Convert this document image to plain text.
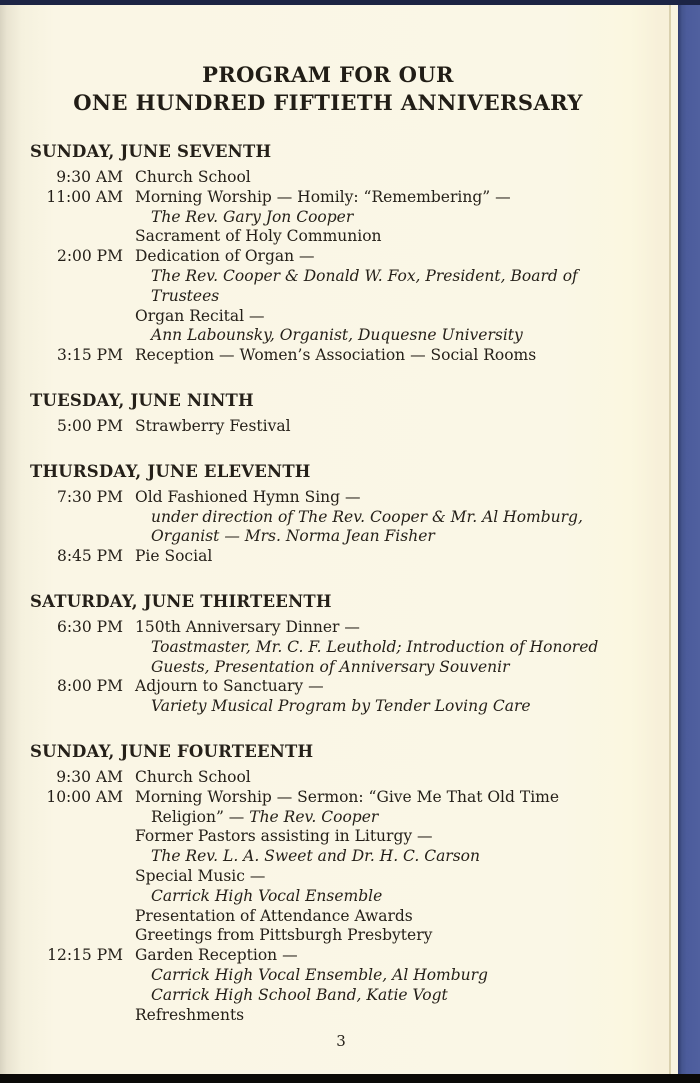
PROGRAM FOR OUR
ONE HUNDRED FIFTIETH ANNIVERSARY
SUNDAY, JUNE SEVENTH
9:30 AM Church School
11:00 AM Morning Worship — Homily: “Remembering” —
The Rev. Gary Jon Cooper
Sacrament of Holy Communion
2:00 PM Dedication of Organ —
The Rev. Cooper & Donald W. Fox, President, Board of
Trustees
Organ Recital —
Ann Labounsky, Organist, Duquesne University
3:15 PM Reception — Women’s Association — Social Rooms
TUESDAY, JUNE NINTH
5:00 PM Strawberry Festival
THURSDAY, JUNE ELEVENTH
7:30 PM Old Fashioned Hymn Sing —
under direction of The Rev. Cooper & Mr. Al Homburg,
Organist — Mrs. Norma Jean Fisher
8:45 PM Pie Social
SATURDAY, JUNE THIRTEENTH
6:30 PM 150th Anniversary Dinner —
Toastmaster, Mr. C. F. Leuthold; Introduction of Honored
Guests, Presentation of Anniversary Souvenir
8:00 PM Adjourn to Sanctuary —
Variety Musical Program by Tender Loving Care
SUNDAY, JUNE FOURTEENTH
9:30 AM Church School
10:00 AM Morning Worship — Sermon: “Give Me That Old Time
Religion” — The Rev. Cooper
Former Pastors assisting in Liturgy —
The Rev. L. A. Sweet and Dr. H. C. Carson
Special Music —
Carrick High Vocal Ensemble
Presentation of Attendance Awards
Greetings from Pittsburgh Presbytery
12:15 PM Garden Reception —
Carrick High Vocal Ensemble, Al Homburg
Carrick High School Band, Katie Vogt
Refreshments
3
